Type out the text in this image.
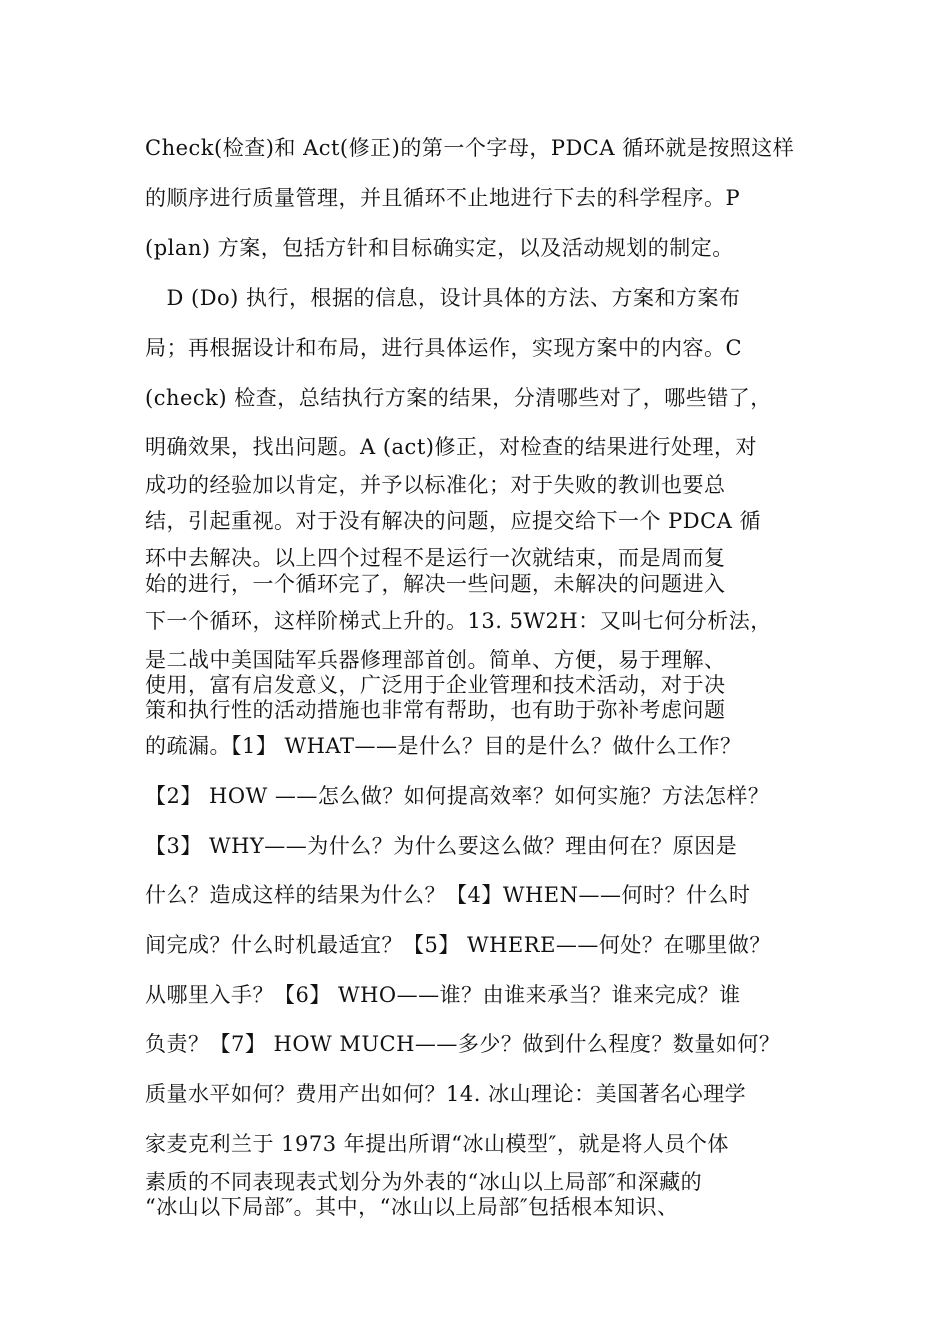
Check(检查)和 Act(修正)的第一个字母，PDCA 循环就是按照这样
的顺序进行质量管理，并且循环不止地进行下去的科学程序。P
(plan) 方案，包括方针和目标确实定，以及活动规划的制定。
　D (Do) 执行，根据的信息，设计具体的方法、方案和方案布
局；再根据设计和布局，进行具体运作，实现方案中的内容。C
(check) 检查，总结执行方案的结果，分清哪些对了，哪些错了，
明确效果，找出问题。A (act)修正，对检查的结果进行处理，对
成功的经验加以肯定，并予以标准化；对于失败的教训也要总
结，引起重视。对于没有解决的问题，应提交给下一个 PDCA 循
环中去解决。以上四个过程不是运行一次就结束，而是周而复
始的进行，一个循环完了，解决一些问题，未解决的问题进入
下一个循环，这样阶梯式上升的。13. 5W2H：又叫七何分析法，
是二战中美国陆军兵器修理部首创。简单、方便，易于理解、
使用，富有启发意义，广泛用于企业管理和技术活动，对于决
策和执行性的活动措施也非常有帮助，也有助于弥补考虑问题
的疏漏。【1】 WHAT——是什么？目的是什么？做什么工作？
【2】 HOW ——怎么做？如何提高效率？如何实施？方法怎样？
【3】 WHY——为什么？为什么要这么做？理由何在？原因是
什么？造成这样的结果为什么？【4】WHEN——何时？什么时
间完成？什么时机最适宜？【5】 WHERE——何处？在哪里做？
从哪里入手？【6】 WHO——谁？由谁来承当？谁来完成？谁
负责？【7】 HOW MUCH——多少？做到什么程度？数量如何？
质量水平如何？费用产出如何？14. 冰山理论：美国著名心理学
家麦克利兰于 1973 年提出所谓“冰山模型″，就是将人员个体
素质的不同表现表式划分为外表的“冰山以上局部″和深藏的
“冰山以下局部″。其中，“冰山以上局部″包括根本知识、
